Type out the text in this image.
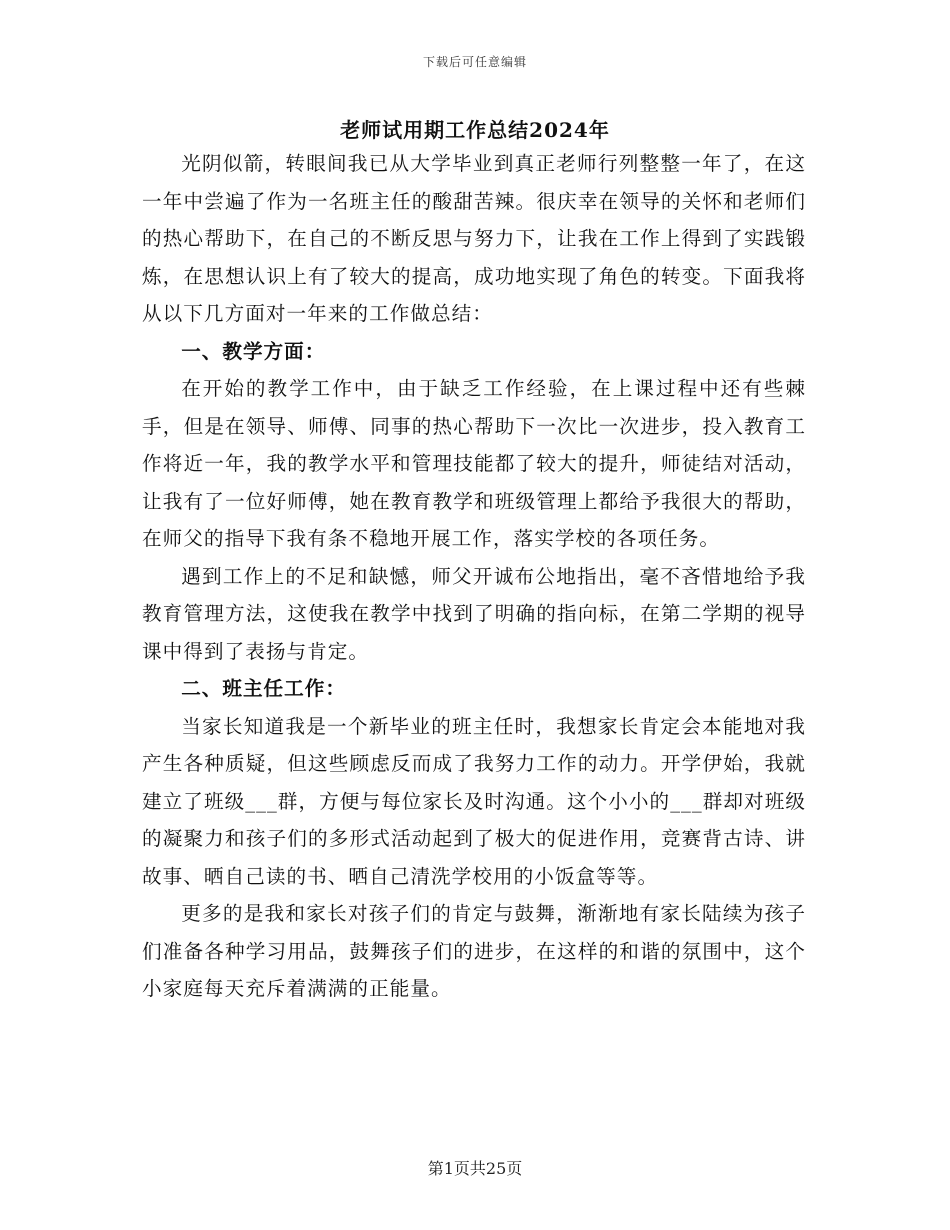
下载后可任意编辑
老师试用期工作总结2024年

光阴似箭，转眼间我已从大学毕业到真正老师行列整整一年了，在这一年中尝遍了作为一名班主任的酸甜苦辣。很庆幸在领导的关怀和老师们的热心帮助下，在自己的不断反思与努力下，让我在工作上得到了实践锻炼，在思想认识上有了较大的提高，成功地实现了角色的转变。下面我将从以下几方面对一年来的工作做总结：

一、教学方面：

在开始的教学工作中，由于缺乏工作经验，在上课过程中还有些棘手，但是在领导、师傅、同事的热心帮助下一次比一次进步，投入教育工作将近一年，我的教学水平和管理技能都了较大的提升，师徒结对活动，让我有了一位好师傅，她在教育教学和班级管理上都给予我很大的帮助，在师父的指导下我有条不稳地开展工作，落实学校的各项任务。

遇到工作上的不足和缺憾，师父开诚布公地指出，毫不吝惜地给予我教育管理方法，这使我在教学中找到了明确的指向标，在第二学期的视导课中得到了表扬与肯定。

二、班主任工作：

当家长知道我是一个新毕业的班主任时，我想家长肯定会本能地对我产生各种质疑，但这些顾虑反而成了我努力工作的动力。开学伊始，我就建立了班级___群，方便与每位家长及时沟通。这个小小的___群却对班级的凝聚力和孩子们的多形式活动起到了极大的促进作用，竞赛背古诗、讲故事、晒自己读的书、晒自己清洗学校用的小饭盒等等。

更多的是我和家长对孩子们的肯定与鼓舞，渐渐地有家长陆续为孩子们准备各种学习用品，鼓舞孩子们的进步，在这样的和谐的氛围中，这个小家庭每天充斥着满满的正能量。

第1页共25页
